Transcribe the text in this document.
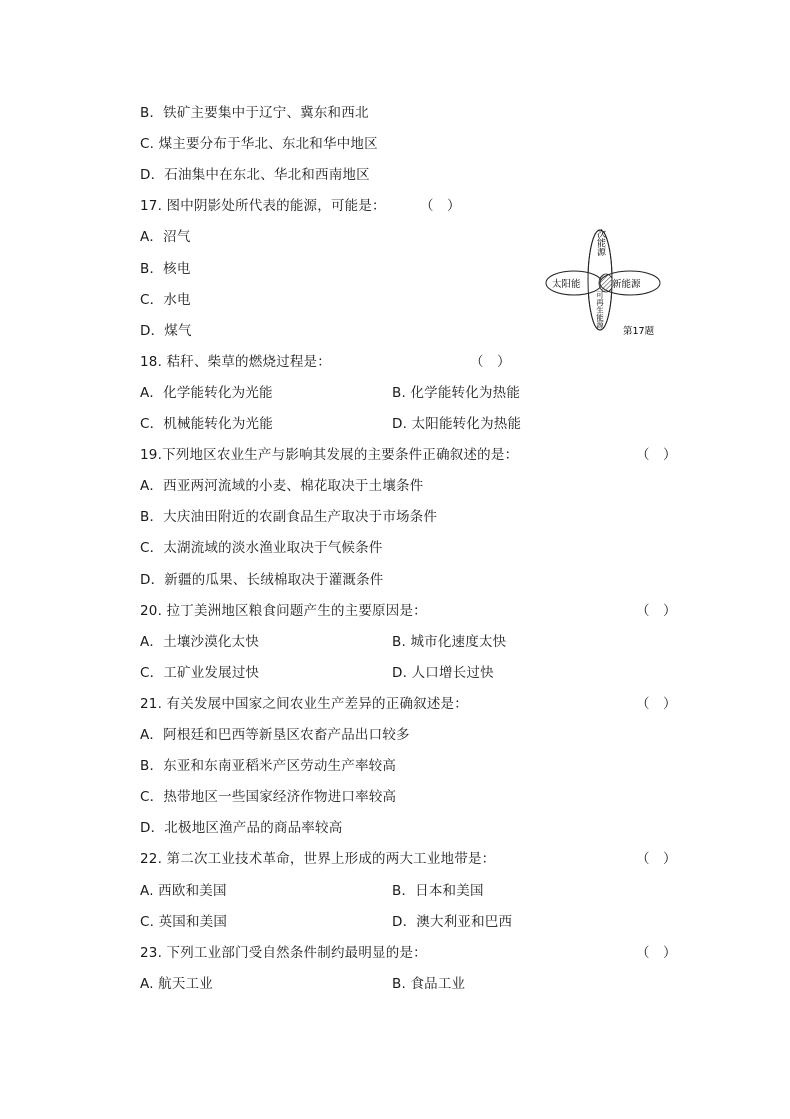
B．铁矿主要集中于辽宁、冀东和西北
C. 煤主要分布于华北、东北和华中地区
D．石油集中在东北、华北和西南地区
17. 图中阴影处所代表的能源，可能是：	（　）
A．沼气
B．核电
C．水电
D．煤气
18. 秸秆、柴草的燃烧过程是：	（　）
A．化学能转化为光能	B. 化学能转化为热能
C．机械能转化为光能	D. 太阳能转化为热能
19.下列地区农业生产与影响其发展的主要条件正确叙述的是：	（　）
A．西亚两河流域的小麦、棉花取决于土壤条件
B．大庆油田附近的农副食品生产取决于市场条件
C．太湖流域的淡水渔业取决于气候条件
D．新疆的瓜果、长绒棉取决于灌溉条件
20. 拉丁美洲地区粮食问题产生的主要原因是：	（　）
A．土壤沙漠化太快	B. 城市化速度太快
C．工矿业发展过快	D. 人口增长过快
21. 有关发展中国家之间农业生产差异的正确叙述是：	（　）
A．阿根廷和巴西等新垦区农畜产品出口较多
B．东亚和东南亚稻米产区劳动生产率较高
C．热带地区一些国家经济作物进口率较高
D．北极地区渔产品的商品率较高
22. 第二次工业技术革命，世界上形成的两大工业地带是：	（　）
A. 西欧和美国	B．日本和美国
C. 英国和美国	D．澳大利亚和巴西
23. 下列工业部门受自然条件制约最明显的是：	（　）
A. 航天工业	B. 食品工业
二次能源
可再生能源
太阳能	新能源
第17题
